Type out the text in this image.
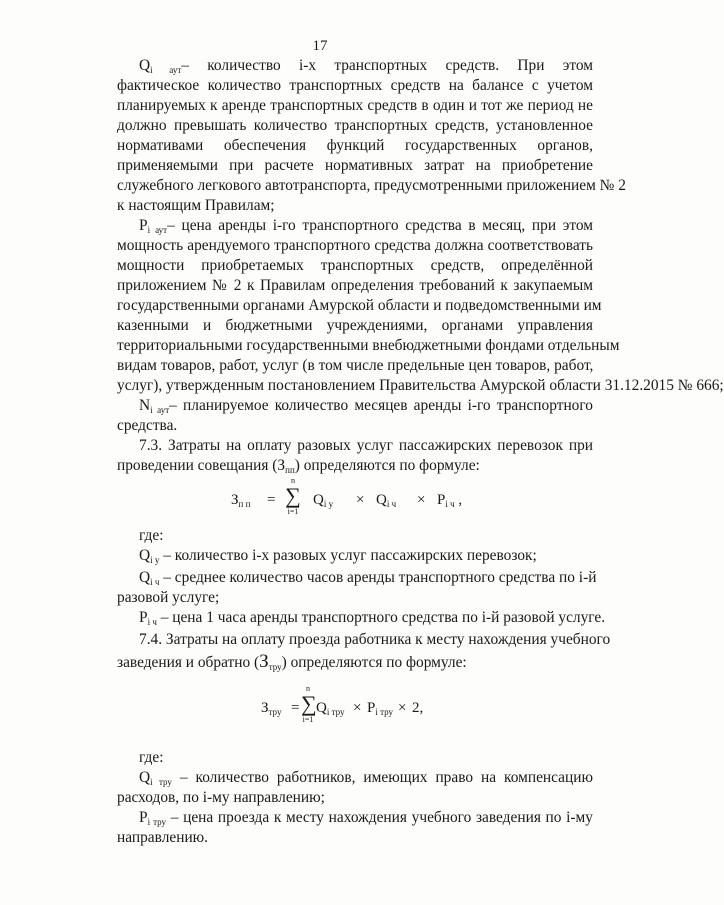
17
$Q_{i аут}-$ количество i-х транспортных средств. При этом
фактическое количество транспортных средств на балансе с учетом
планируемых к аренде транспортных средств в один и тот же период не
должно превышать количество транспортных средств, установленное
нормативами обеспечения функций государственных органов,
применяемыми при расчете нормативных затрат на приобретение
служебного легкового автотранспорта, предусмотренными приложением № 2
к настоящим Правилам;
$P_{i аут}-$ цена аренды i-го транспортного средства в месяц, при этом
мощность арендуемого транспортного средства должна соответствовать
мощности приобретаемых транспортных средств, определённой
приложением № 2 к Правилам определения требований к закупаемым
государственными органами Амурской области и подведомственными им
казенными и бюджетными учреждениями, органами управления
территориальными государственными внебюджетными фондами отдельным
видам товаров, работ, услуг (в том числе предельные цен товаров, работ,
услуг), утвержденным постановлением Правительства Амурской области 31.12.2015 № 666;
$N_{i аут}-$ планируемое количество месяцев аренды i-го транспортного
средства.
7.3. Затраты на оплату разовых услуг пассажирских перевозок при
проведении совещания $(З_{пп})$ определяются по формуле:
$З_{п п}$ =
n
∑
i=1
$Q_{i у} \times Q_{i ч} \times P_{i ч}$ ,
где:
$Q_{i у}$ – количество i-х разовых услуг пассажирских перевозок;
$Q_{i ч}$ – среднее количество часов аренды транспортного средства по i-й
разовой услуге;
$P_{i ч}$ – цена 1 часа аренды транспортного средства по i-й разовой услуге.
7.4. Затраты на оплату проезда работника к месту нахождения учебного
заведения и обратно $(З_{тру})$ определяются по формуле:
$З_{тру}$ =
n
∑
i=1
$Q_{i тру} \times P_{i тру} \times 2$,
где:
$Q_{i тру}$ – количество работников, имеющих право на компенсацию
расходов, по i-му направлению;
$P_{i тру}$ – цена проезда к месту нахождения учебного заведения по i-му
направлению.
